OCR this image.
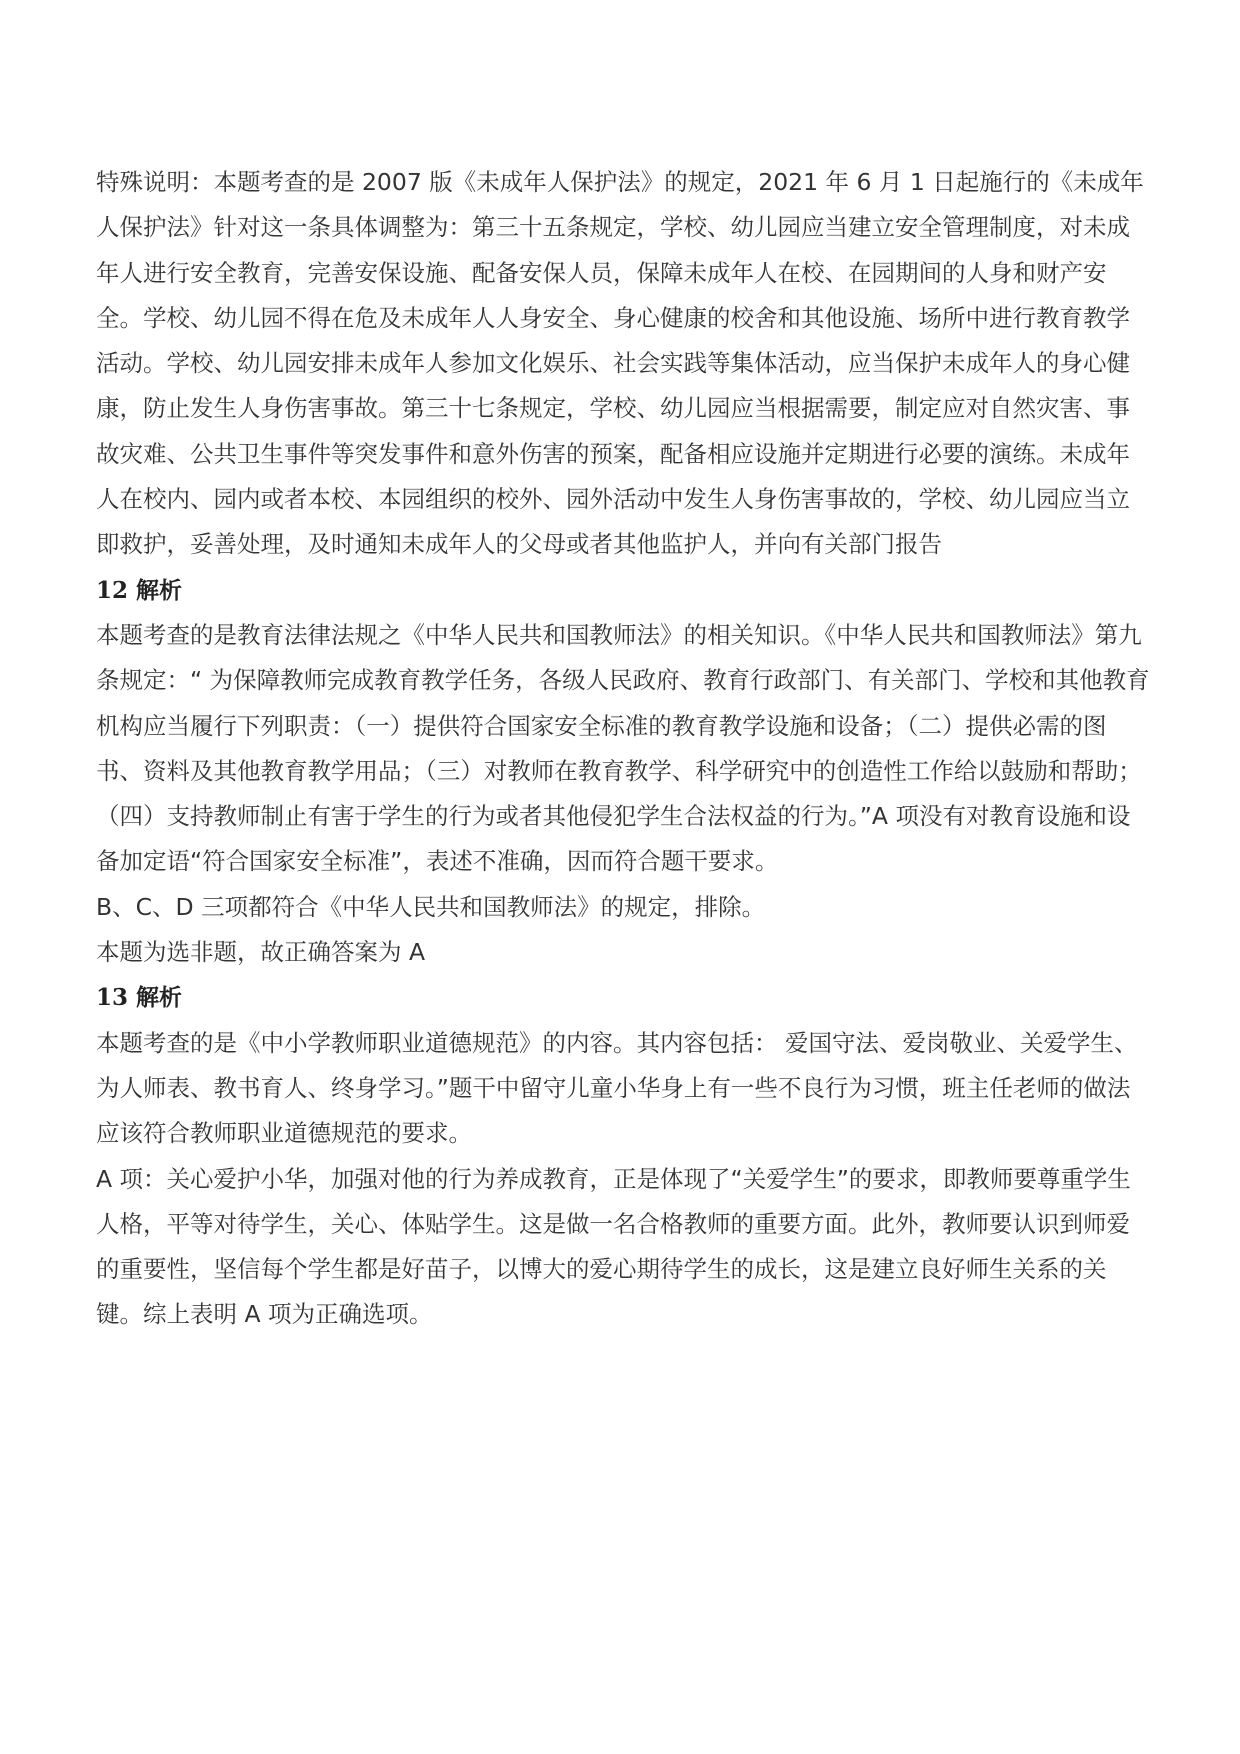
特殊说明：本题考查的是 2007 版《未成年人保护法》的规定，2021 年 6 月 1 日起施行的《未成年人保护法》针对这一条具体调整为：第三十五条规定，学校、幼儿园应当建立安全管理制度，对未成年人进行安全教育，完善安保设施、配备安保人员，保障未成年人在校、在园期间的人身和财产安全。学校、幼儿园不得在危及未成年人人身安全、身心健康的校舍和其他设施、场所中进行教育教学活动。学校、幼儿园安排未成年人参加文化娱乐、社会实践等集体活动，应当保护未成年人的身心健康，防止发生人身伤害事故。第三十七条规定，学校、幼儿园应当根据需要，制定应对自然灾害、事故灾难、公共卫生事件等突发事件和意外伤害的预案，配备相应设施并定期进行必要的演练。未成年人在校内、园内或者本校、本园组织的校外、园外活动中发生人身伤害事故的，学校、幼儿园应当立即救护，妥善处理，及时通知未成年人的父母或者其他监护人，并向有关部门报告

12 解析

本题考查的是教育法律法规之《中华人民共和国教师法》的相关知识。《中华人民共和国教师法》第九条规定：“ 为保障教师完成教育教学任务，各级人民政府、教育行政部门、有关部门、学校和其他教育机构应当履行下列职责：（一）提供符合国家安全标准的教育教学设施和设备；（二）提供必需的图书、资料及其他教育教学用品；（三）对教师在教育教学、科学研究中的创造性工作给以鼓励和帮助；（四）支持教师制止有害于学生的行为或者其他侵犯学生合法权益的行为。”A 项没有对教育设施和设备加定语“符合国家安全标准”，表述不准确，因而符合题干要求。

B、C、D 三项都符合《中华人民共和国教师法》的规定，排除。

本题为选非题，故正确答案为 A

13 解析

本题考查的是《中小学教师职业道德规范》的内容。其内容包括： 爱国守法、爱岗敬业、关爱学生、为人师表、教书育人、终身学习。”题干中留守儿童小华身上有一些不良行为习惯，班主任老师的做法应该符合教师职业道德规范的要求。

A 项：关心爱护小华，加强对他的行为养成教育，正是体现了“关爱学生”的要求，即教师要尊重学生人格，平等对待学生，关心、体贴学生。这是做一名合格教师的重要方面。此外，教师要认识到师爱的重要性，坚信每个学生都是好苗子，以博大的爱心期待学生的成长，这是建立良好师生关系的关键。综上表明 A 项为正确选项。
